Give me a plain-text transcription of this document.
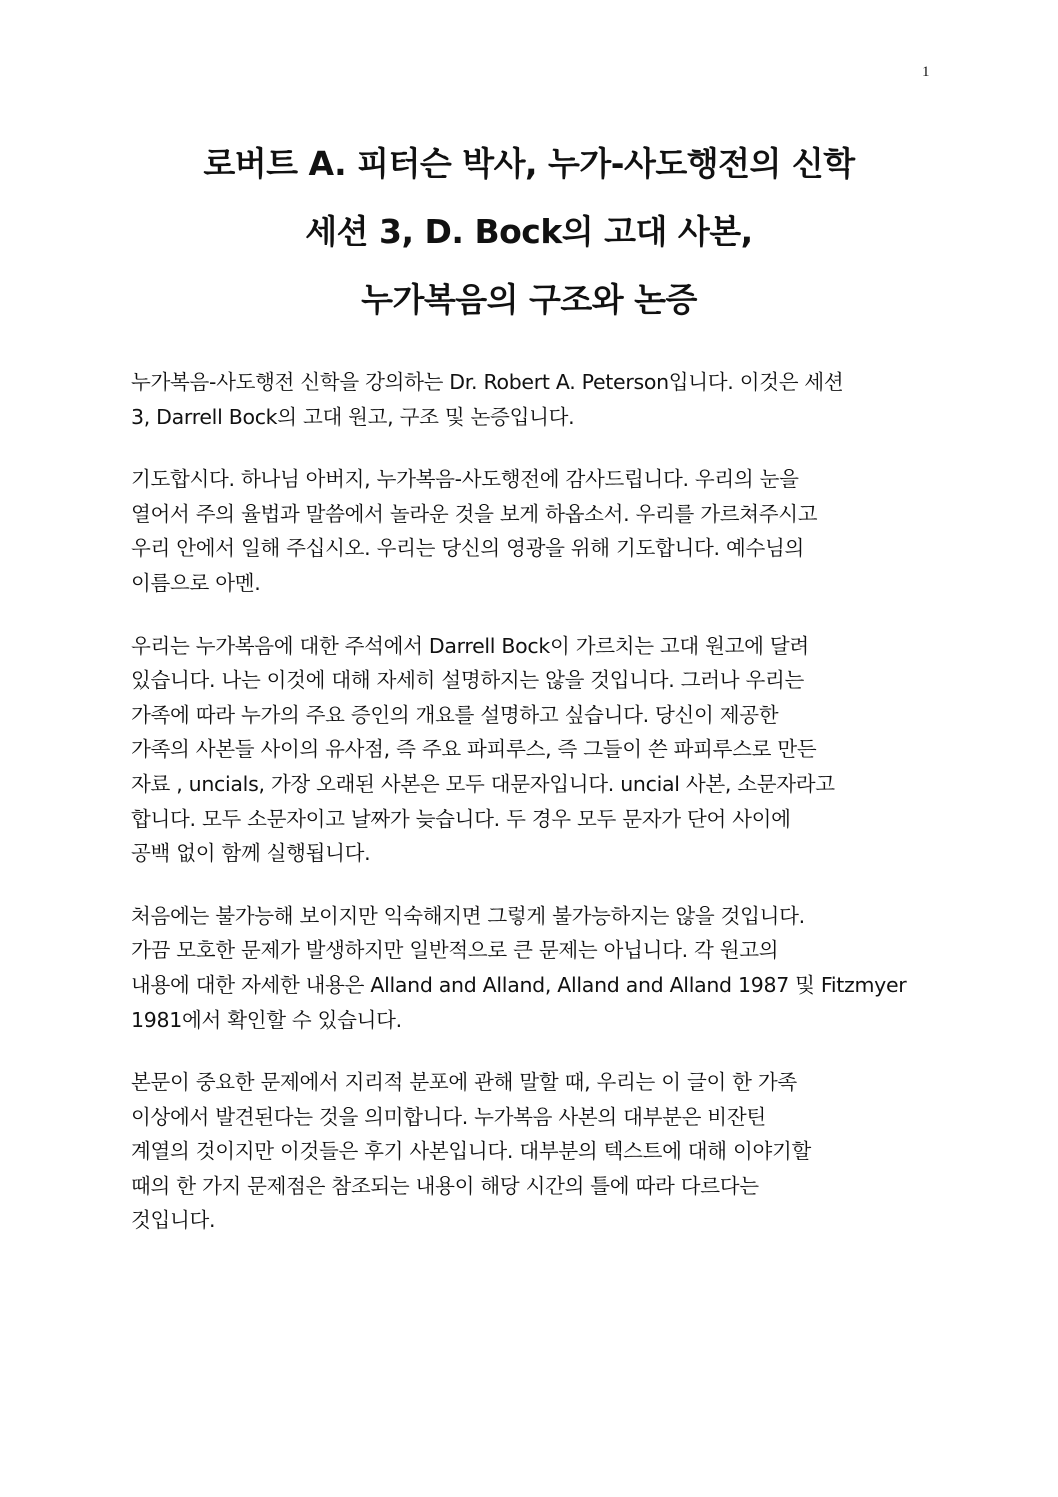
1
로버트 A. 피터슨 박사, 누가-사도행전의 신학
세션 3, D. Bock의 고대 사본,
누가복음의 구조와 논증

누가복음-사도행전 신학을 강의하는 Dr. Robert A. Peterson입니다. 이것은 세션
3, Darrell Bock의 고대 원고, 구조 및 논증입니다.

기도합시다. 하나님 아버지, 누가복음-사도행전에 감사드립니다. 우리의 눈을
열어서 주의 율법과 말씀에서 놀라운 것을 보게 하옵소서. 우리를 가르쳐주시고
우리 안에서 일해 주십시오. 우리는 당신의 영광을 위해 기도합니다. 예수님의
이름으로 아멘.

우리는 누가복음에 대한 주석에서 Darrell Bock이 가르치는 고대 원고에 달려
있습니다. 나는 이것에 대해 자세히 설명하지는 않을 것입니다. 그러나 우리는
가족에 따라 누가의 주요 증인의 개요를 설명하고 싶습니다. 당신이 제공한
가족의 사본들 사이의 유사점, 즉 주요 파피루스, 즉 그들이 쓴 파피루스로 만든
자료 , uncials, 가장 오래된 사본은 모두 대문자입니다. uncial 사본, 소문자라고
합니다. 모두 소문자이고 날짜가 늦습니다. 두 경우 모두 문자가 단어 사이에
공백 없이 함께 실행됩니다.

처음에는 불가능해 보이지만 익숙해지면 그렇게 불가능하지는 않을 것입니다.
가끔 모호한 문제가 발생하지만 일반적으로 큰 문제는 아닙니다. 각 원고의
내용에 대한 자세한 내용은 Alland and Alland, Alland and Alland 1987 및 Fitzmyer
1981에서 확인할 수 있습니다.

본문이 중요한 문제에서 지리적 분포에 관해 말할 때, 우리는 이 글이 한 가족
이상에서 발견된다는 것을 의미합니다. 누가복음 사본의 대부분은 비잔틴
계열의 것이지만 이것들은 후기 사본입니다. 대부분의 텍스트에 대해 이야기할
때의 한 가지 문제점은 참조되는 내용이 해당 시간의 틀에 따라 다르다는
것입니다.
